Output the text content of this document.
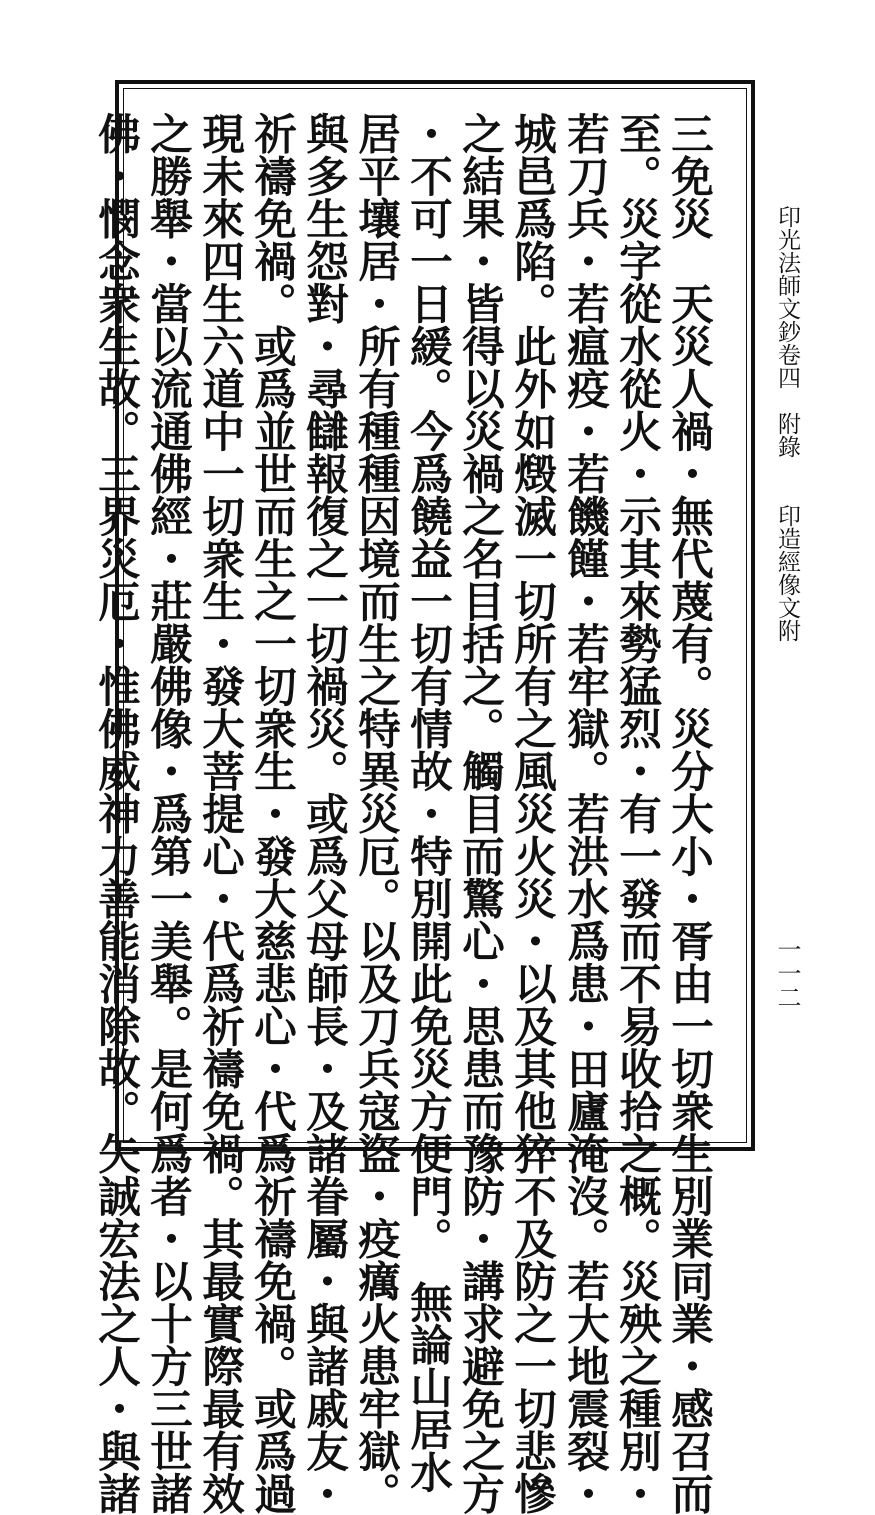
三免災　天災人禍・無代蔑有。災分大小・胥由一切衆生別業同業・感召而
至。災字從水從火・示其來勢猛烈・有一發而不易收拾之概。災殃之種別・
若刀兵・若瘟疫・若饑饉・若牢獄。若洪水爲患・田廬淹沒。若大地震裂・
城邑爲陷。此外如燬滅一切所有之風災火災・以及其他猝不及防之一切悲慘
之結果・皆得以災禍之名目括之。觸目而驚心・思患而豫防・講求避免之方
・不可一日緩。今爲饒益一切有情故・特別開此免災方便門。　無論山居水
居平壤居・所有種種因境而生之特異災厄。以及刀兵寇盜・疫癘火患牢獄。
與多生怨對・尋讎報復之一切禍災。或爲父母師長・及諸眷屬・與諸戚友・
祈禱免禍。或爲並世而生之一切衆生・發大慈悲心・代爲祈禱免禍。或爲過
現未來四生六道中一切衆生・發大菩提心・代爲祈禱免禍。其最實際最有效
之勝舉・當以流通佛經・莊嚴佛像・爲第一美舉。是何爲者・以十方三世諸
佛・憫念衆生故。三界災厄・惟佛威神力善能消除故。矢誠宏法之人・與諸	印光法師文鈔卷四附錄印造經像文附
一一二
